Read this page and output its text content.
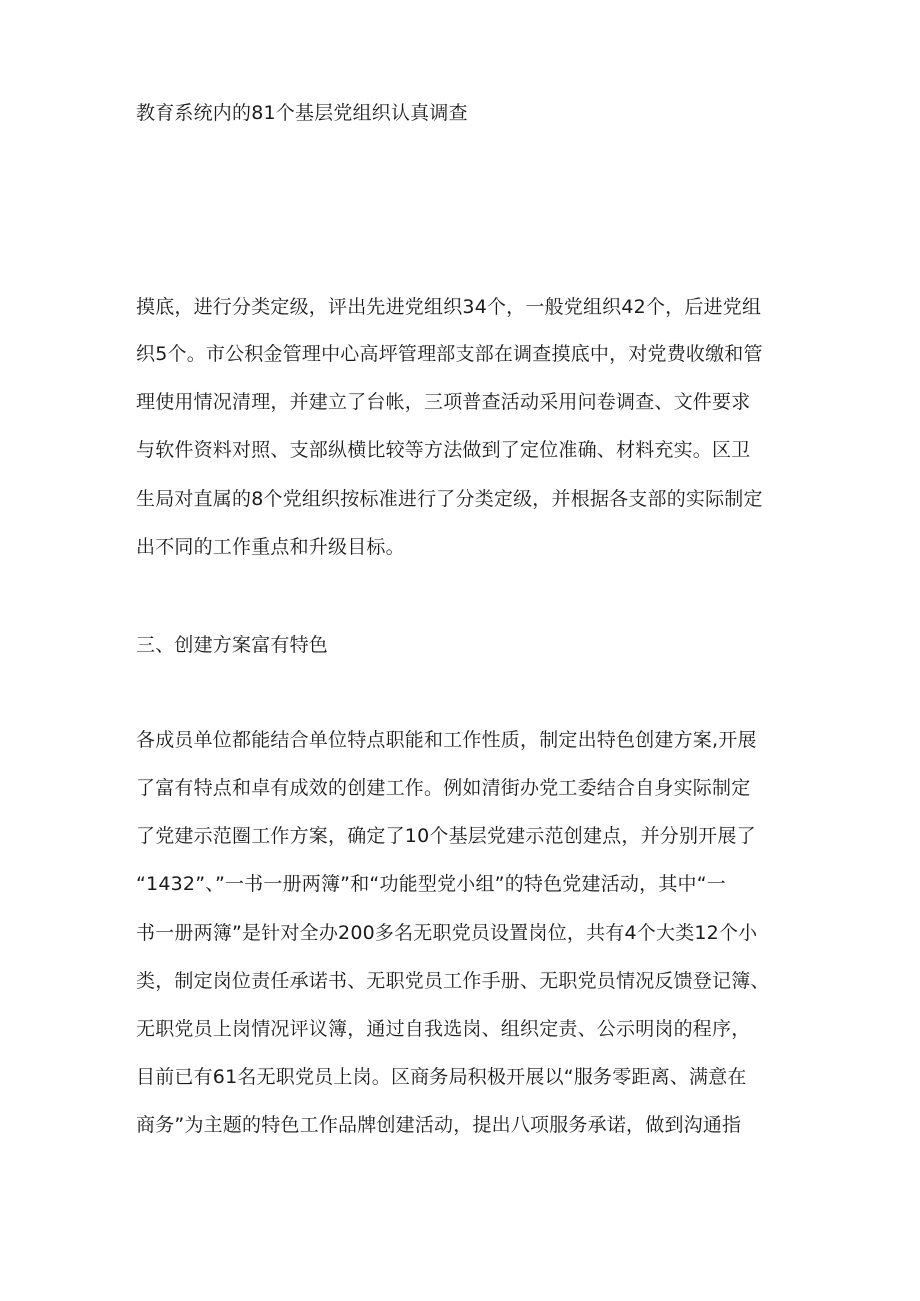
教育系统内的81个基层党组织认真调查
摸底，进行分类定级，评出先进党组织34个，一般党组织42个，后进党组
织5个。市公积金管理中心高坪管理部支部在调查摸底中，对党费收缴和管
理使用情况清理，并建立了台帐，三项普查活动采用问卷调查、文件要求
与软件资料对照、支部纵横比较等方法做到了定位准确、材料充实。区卫
生局对直属的8个党组织按标准进行了分类定级，并根据各支部的实际制定
出不同的工作重点和升级目标。
三、创建方案富有特色
各成员单位都能结合单位特点职能和工作性质，制定出特色创建方案,开展
了富有特点和卓有成效的创建工作。例如清街办党工委结合自身实际制定
了党建示范圈工作方案，确定了10个基层党建示范创建点，并分别开展了
“1432”、”一书一册两簿”和“功能型党小组”的特色党建活动，其中“一
书一册两簿”是针对全办200多名无职党员设置岗位，共有4个大类12个小
类，制定岗位责任承诺书、无职党员工作手册、无职党员情况反馈登记簿、
无职党员上岗情况评议簿，通过自我选岗、组织定责、公示明岗的程序，
目前已有61名无职党员上岗。区商务局积极开展以“服务零距离、满意在
商务”为主题的特色工作品牌创建活动，提出八项服务承诺，做到沟通指
